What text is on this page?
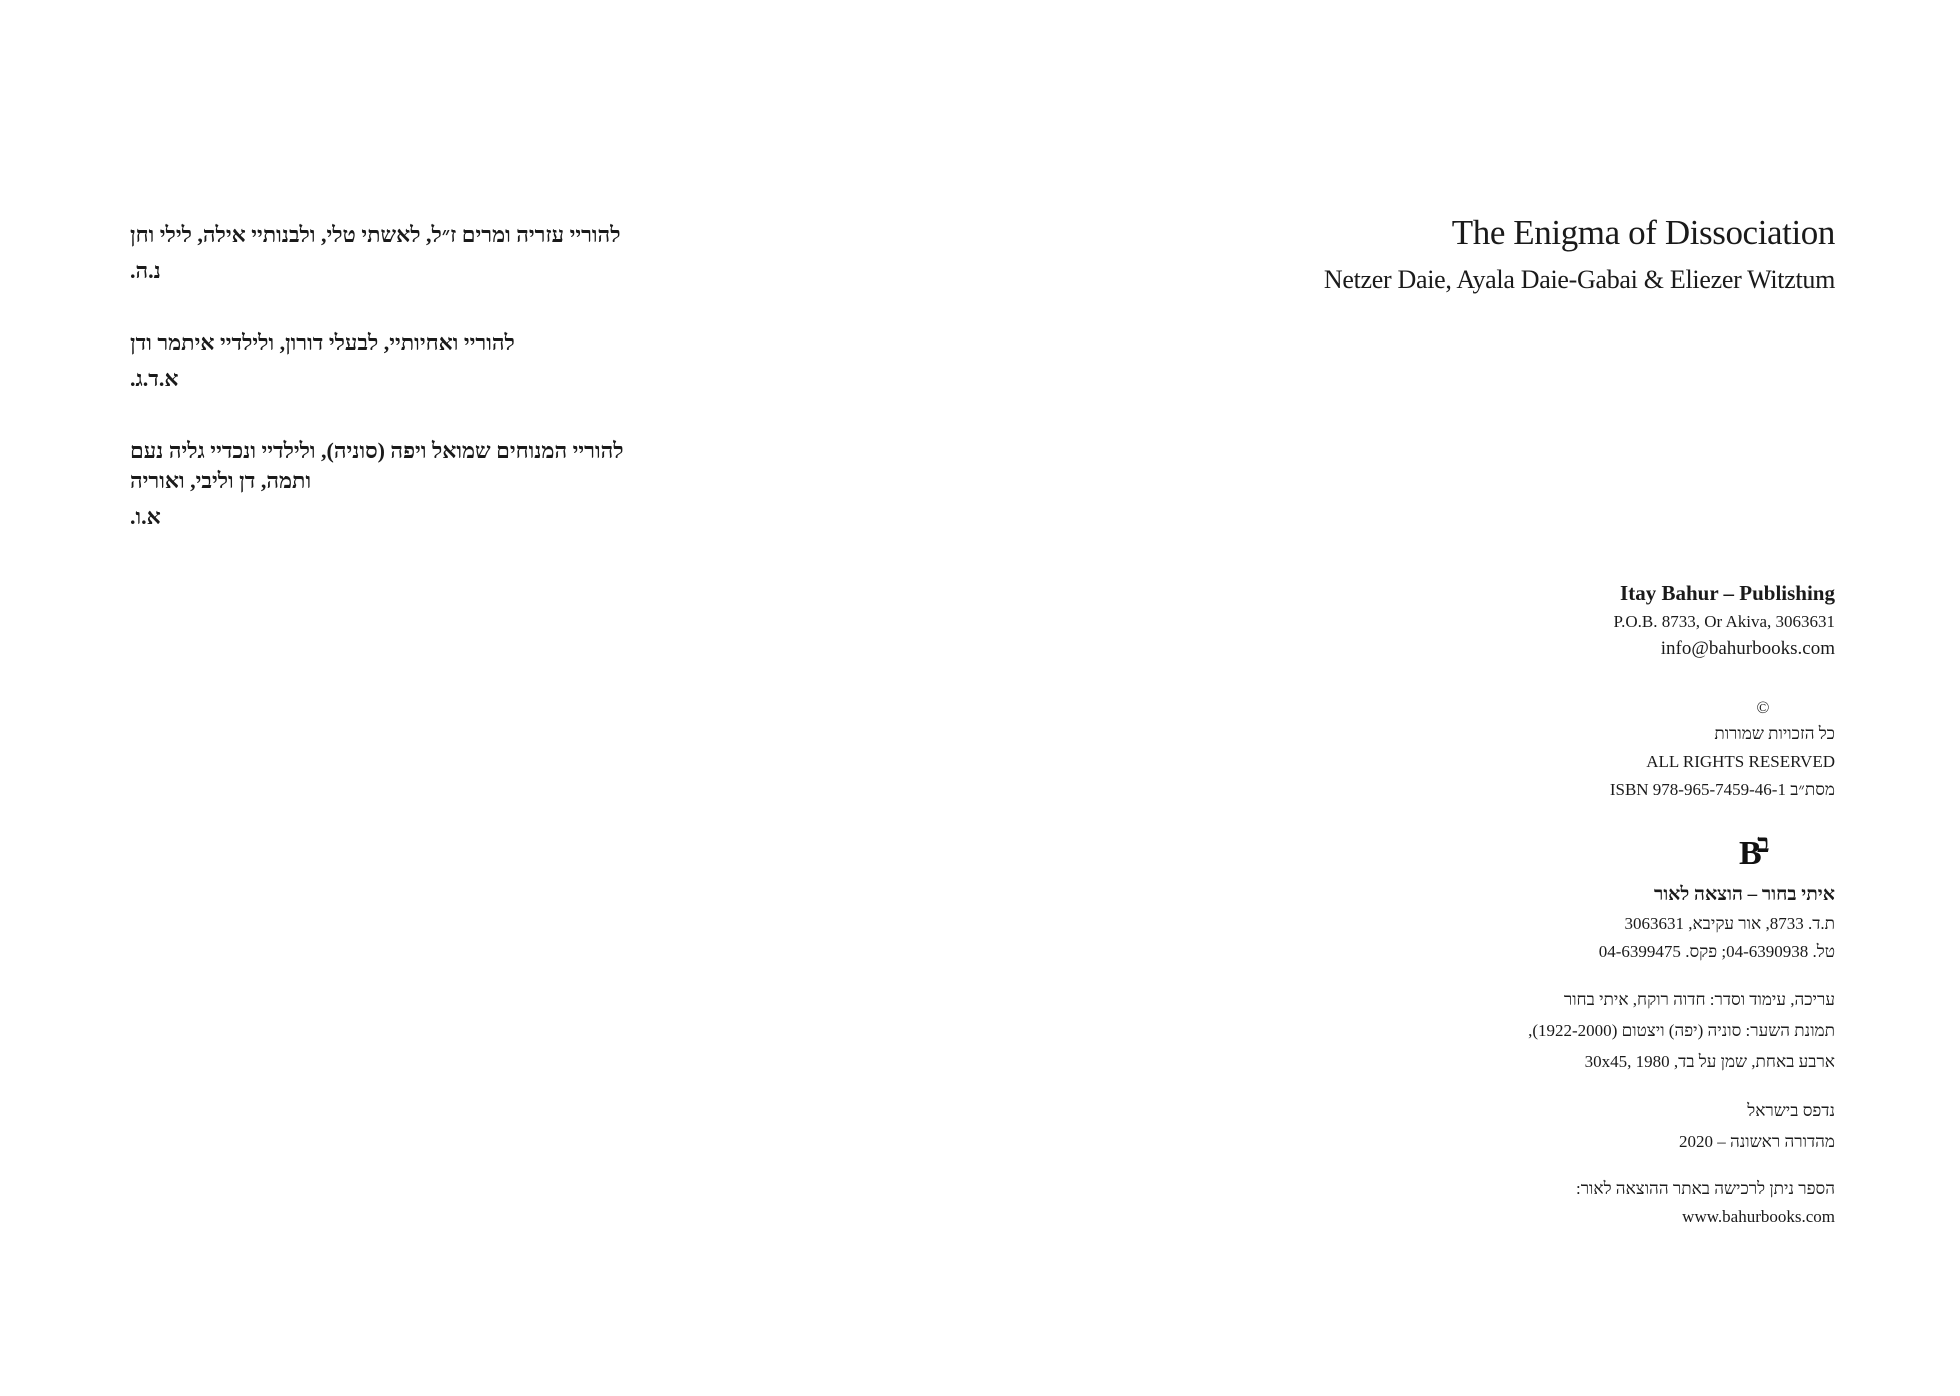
להוריי עזריה ומרים ז״ל, לאשתי טלי, ולבנותיי אילה, לילי וחן
נ.ה.
להוריי ואחיותיי, לבעלי דורון, ולילדיי איתמר ודן
א.ד.ג.
להוריי המנוחים שמואל ויפה (סוניה), ולילדיי ונכדיי גליה נעם ותמה, דן וליבי, ואוריה
א.ו.
The Enigma of Dissociation
Netzer Daie, Ayala Daie-Gabai & Eliezer Witztum
Itay Bahur – Publishing
P.O.B. 8733, Or Akiva, 3063631
info@bahurbooks.com
©
כל הזכויות שמורות
ALL RIGHTS RESERVED
ISBN 978-965-7459-46-1 מסת״ב
B
ב
איתי בחור – הוצאה לאור
ת.ד. 8733, אור עקיבא, 3063631
טל. 04-6390938; פקס. 04-6399475
עריכה, עימוד וסדר: חדוה רוקח, איתי בחור
תמונת השער: סוניה (יפה) ויצטום (1922-2000),
ארבע באחת, שמן על בד, 30x45, 1980
נדפס בישראל
מהדורה ראשונה – 2020
הספר ניתן לרכישה באתר ההוצאה לאור:
www.bahurbooks.com
